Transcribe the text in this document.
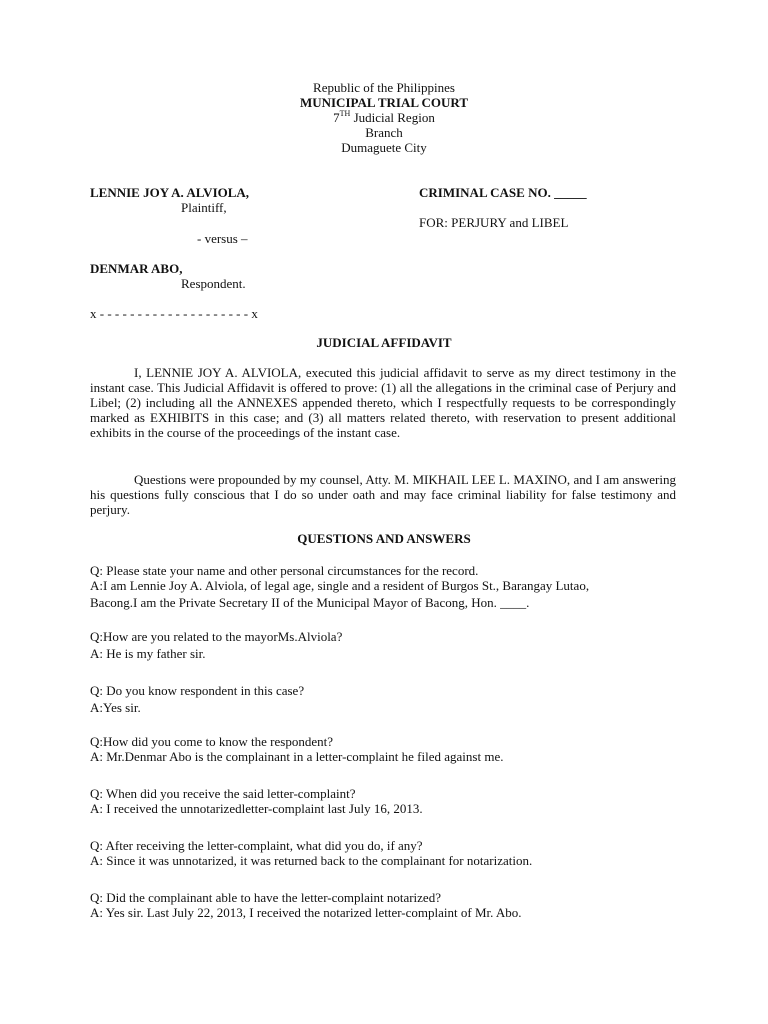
Republic of the Philippines
MUNICIPAL TRIAL COURT
7TH Judicial Region
Branch
Dumaguete City
LENNIE JOY A. ALVIOLA,
Plaintiff,
CRIMINAL CASE NO. _____
FOR: PERJURY and LIBEL
- versus –
DENMAR ABO,
Respondent.
x - - - - - - - - - - - - - - - - - - - - x
JUDICIAL AFFIDAVIT
I, LENNIE JOY A. ALVIOLA, executed this judicial affidavit to serve as my direct testimony in the instant case. This Judicial Affidavit is offered to prove: (1) all the allegations in the criminal case of Perjury and Libel; (2) including all the ANNEXES appended thereto, which I respectfully requests to be correspondingly marked as EXHIBITS in this case; and (3) all matters related thereto, with reservation to present additional exhibits in the course of the proceedings of the instant case.
Questions were propounded by my counsel, Atty. M. MIKHAIL LEE L. MAXINO, and I am answering his questions fully conscious that I do so under oath and may face criminal liability for false testimony and perjury.
QUESTIONS AND ANSWERS
Q: Please state your name and other personal circumstances for the record.
A:I am Lennie Joy A. Alviola, of legal age, single and a resident of Burgos St., Barangay Lutao,
Bacong.I am the Private Secretary II of the Municipal Mayor of Bacong, Hon. ____.
Q:How are you related to the mayorMs.Alviola?
A: He is my father sir.
Q: Do you know respondent in this case?
A:Yes sir.
Q:How did you come to know the respondent?
A: Mr.Denmar Abo is the complainant in a letter-complaint he filed against me.
Q: When did you receive the said letter-complaint?
A: I received the unnotarizedletter-complaint last July 16, 2013.
Q: After receiving the letter-complaint, what did you do, if any?
A: Since it was unnotarized, it was returned back to the complainant for notarization.
Q: Did the complainant able to have the letter-complaint notarized?
A: Yes sir. Last July 22, 2013, I received the notarized letter-complaint of Mr. Abo.
